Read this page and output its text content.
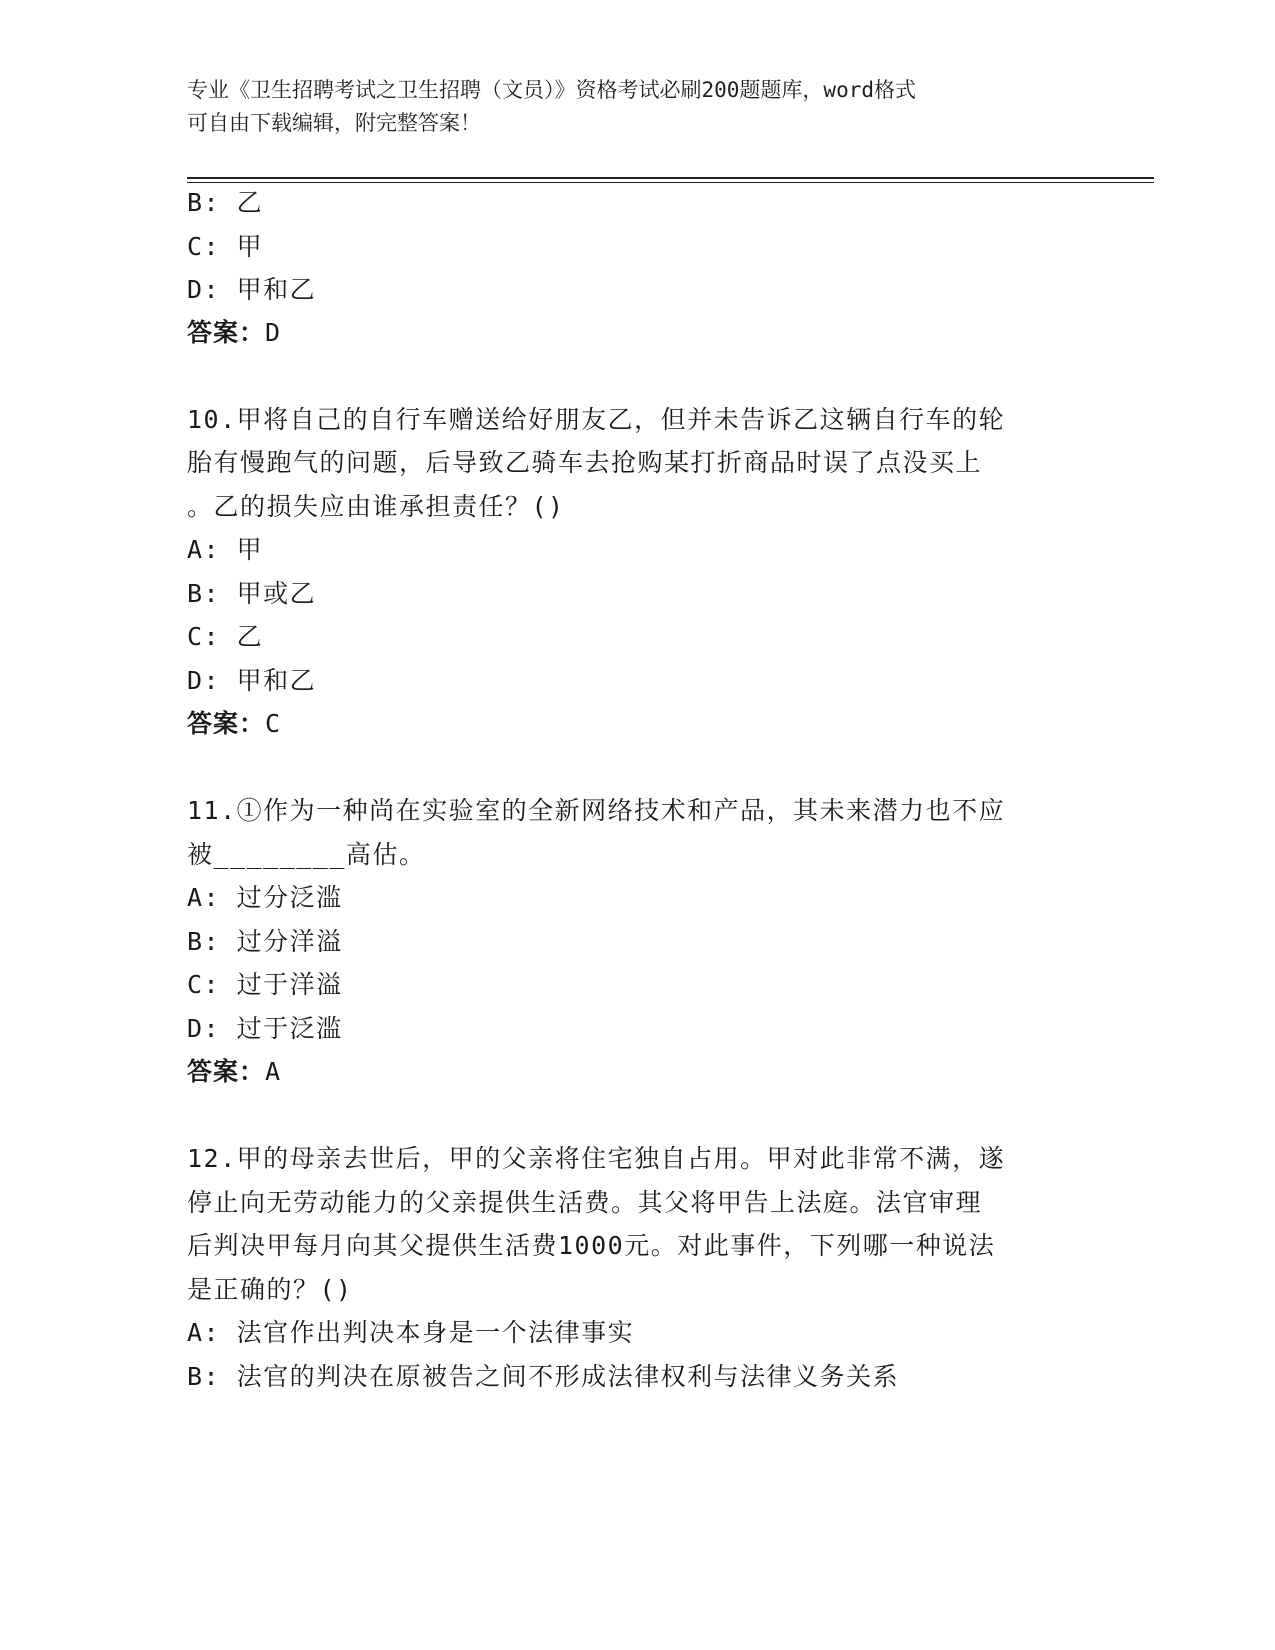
专业《卫生招聘考试之卫生招聘（文员）》资格考试必刷200题题库，word格式
可自由下载编辑，附完整答案！
B: 乙
C: 甲
D: 甲和乙
答案：D
10.甲将自己的自行车赠送给好朋友乙，但并未告诉乙这辆自行车的轮
胎有慢跑气的问题，后导致乙骑车去抢购某打折商品时误了点没买上
。乙的损失应由谁承担责任？()
A: 甲
B: 甲或乙
C: 乙
D: 甲和乙
答案：C
11.①作为一种尚在实验室的全新网络技术和产品，其未来潜力也不应
被________高估。
A: 过分泛滥
B: 过分洋溢
C: 过于洋溢
D: 过于泛滥
答案：A
12.甲的母亲去世后，甲的父亲将住宅独自占用。甲对此非常不满，遂
停止向无劳动能力的父亲提供生活费。其父将甲告上法庭。法官审理
后判决甲每月向其父提供生活费1000元。对此事件，下列哪一种说法
是正确的？()
A: 法官作出判决本身是一个法律事实
B: 法官的判决在原被告之间不形成法律权利与法律义务关系
